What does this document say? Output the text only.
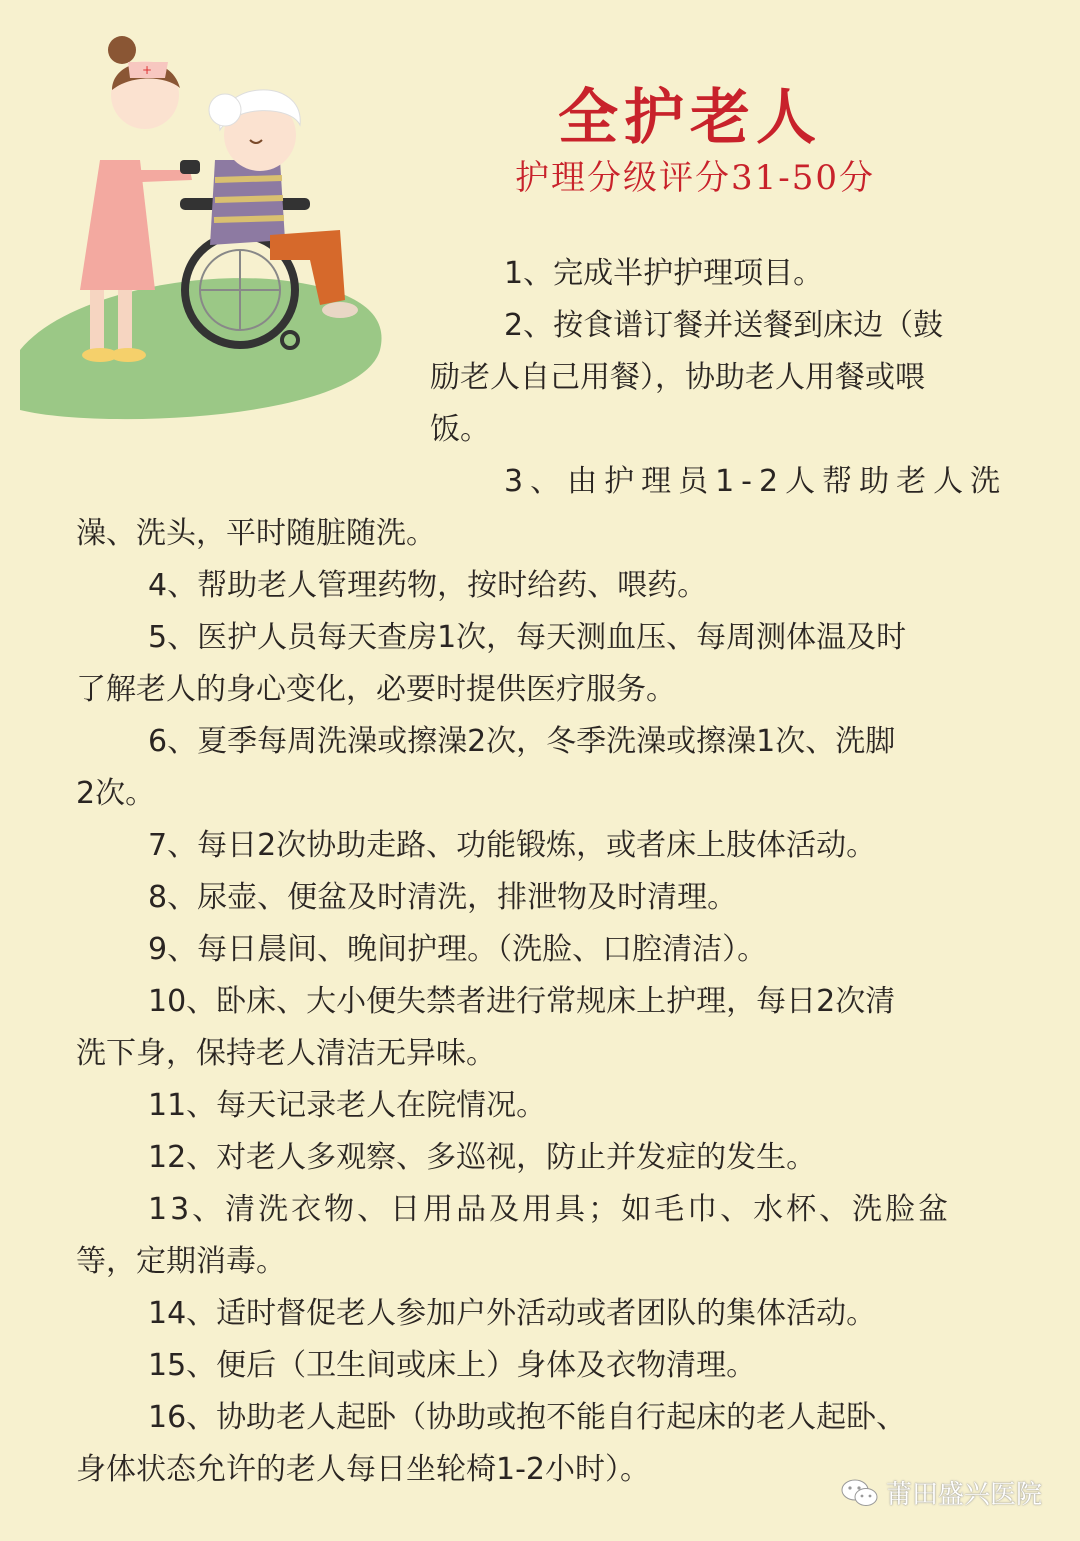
+
全护老人
护理分级评分31-50分
1、完成半护护理项目。
2、按食谱订餐并送餐到床边（鼓
励老人自己用餐），协助老人用餐或喂
饭。
3、由护理员1-2人帮助老人洗
澡、洗头，平时随脏随洗。
4、帮助老人管理药物，按时给药、喂药。
5、医护人员每天查房1次，每天测血压、每周测体温及时
了解老人的身心变化，必要时提供医疗服务。
6、夏季每周洗澡或擦澡2次，冬季洗澡或擦澡1次、洗脚
2次。
7、每日2次协助走路、功能锻炼，或者床上肢体活动。
8、尿壶、便盆及时清洗，排泄物及时清理。
9、每日晨间、晚间护理。（洗脸、口腔清洁）。
10、卧床、大小便失禁者进行常规床上护理，每日2次清
洗下身，保持老人清洁无异味。
11、每天记录老人在院情况。
12、对老人多观察、多巡视，防止并发症的发生。
13、清洗衣物、日用品及用具；如毛巾、水杯、洗脸盆
等，定期消毒。
14、适时督促老人参加户外活动或者团队的集体活动。
15、便后（卫生间或床上）身体及衣物清理。
16、协助老人起卧（协助或抱不能自行起床的老人起卧、
身体状态允许的老人每日坐轮椅1-2小时）。
莆田盛兴医院
